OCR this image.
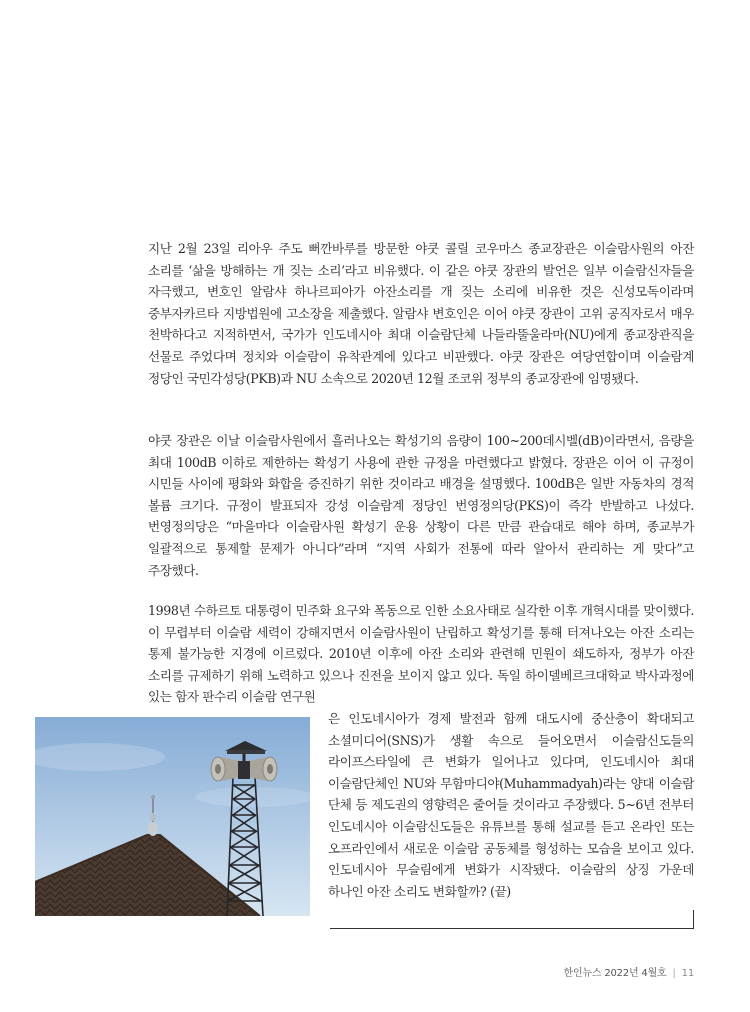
지난 2월 23일 리아우 주도 뻐깐바루를 방문한 야쿳 콜릴 코우마스 종교장관은 이슬람사원의 아잔 소리를 ‘삶을 방해하는 개 짖는 소리’라고 비유했다. 이 같은 야쿳 장관의 발언은 일부 이슬람신자들을 자극했고, 변호인 알람샤 하나르피아가 아잔소리를 개 짖는 소리에 비유한 것은 신성모독이라며 중부자카르타 지방법원에 고소장을 제출했다. 알람샤 변호인은 이어 야쿳 장관이 고위 공직자로서 매우 천박하다고 지적하면서, 국가가 인도네시아 최대 이슬람단체 나들라뚤울라마(NU)에게 종교장관직을 선물로 주었다며 정치와 이슬람이 유착관계에 있다고 비판했다. 야쿳 장관은 여당연합이며 이슬람계 정당인 국민각성당(PKB)과 NU 소속으로 2020년 12월 조코위 정부의 종교장관에 임명됐다.

야쿳 장관은 이날 이슬람사원에서 흘러나오는 확성기의 음량이 100~200데시벨(dB)이라면서, 음량을 최대 100dB 이하로 제한하는 확성기 사용에 관한 규정을 마련했다고 밝혔다. 장관은 이어 이 규정이 시민들 사이에 평화와 화합을 증진하기 위한 것이라고 배경을 설명했다. 100dB은 일반 자동차의 경적 볼륨 크기다. 규정이 발표되자 강성 이슬람계 정당인 번영정의당(PKS)이 즉각 반발하고 나섰다. 번영정의당은 “마을마다 이슬람사원 확성기 운용 상황이 다른 만큼 관습대로 해야 하며, 종교부가 일괄적으로 통제할 문제가 아니다”라며 “지역 사회가 전통에 따라 알아서 관리하는 게 맞다”고 주장했다.

1998년 수하르토 대통령이 민주화 요구와 폭동으로 인한 소요사태로 실각한 이후 개혁시대를 맞이했다. 이 무렵부터 이슬람 세력이 강해지면서 이슬람사원이 난립하고 확성기를 통해 터져나오는 아잔 소리는 통제 불가능한 지경에 이르렀다. 2010년 이후에 아잔 소리와 관련해 민원이 쇄도하자, 정부가 아잔 소리를 규제하기 위해 노력하고 있으나 진전을 보이지 않고 있다. 독일 하이델베르크대학교 박사과정에 있는 함자 판수리 이슬람 연구원

은 인도네시아가 경제 발전과 함께 대도시에 중산층이 확대되고 소셜미디어(SNS)가 생활 속으로 들어오면서 이슬람신도들의 라이프스타일에 큰 변화가 일어나고 있다며, 인도네시아 최대 이슬람단체인 NU와 무함마디야(Muhammadyah)라는 양대 이슬람 단체 등 제도권의 영향력은 줄어들 것이라고 주장했다. 5~6년 전부터 인도네시아 이슬람신도들은 유튜브를 통해 설교를 듣고 온라인 또는 오프라인에서 새로운 이슬람 공동체를 형성하는 모습을 보이고 있다. 인도네시아 무슬림에게 변화가 시작됐다. 이슬람의 상징 가운데 하나인 아잔 소리도 변화할까? (끝)

한인뉴스 2022년 4월호 | 11
